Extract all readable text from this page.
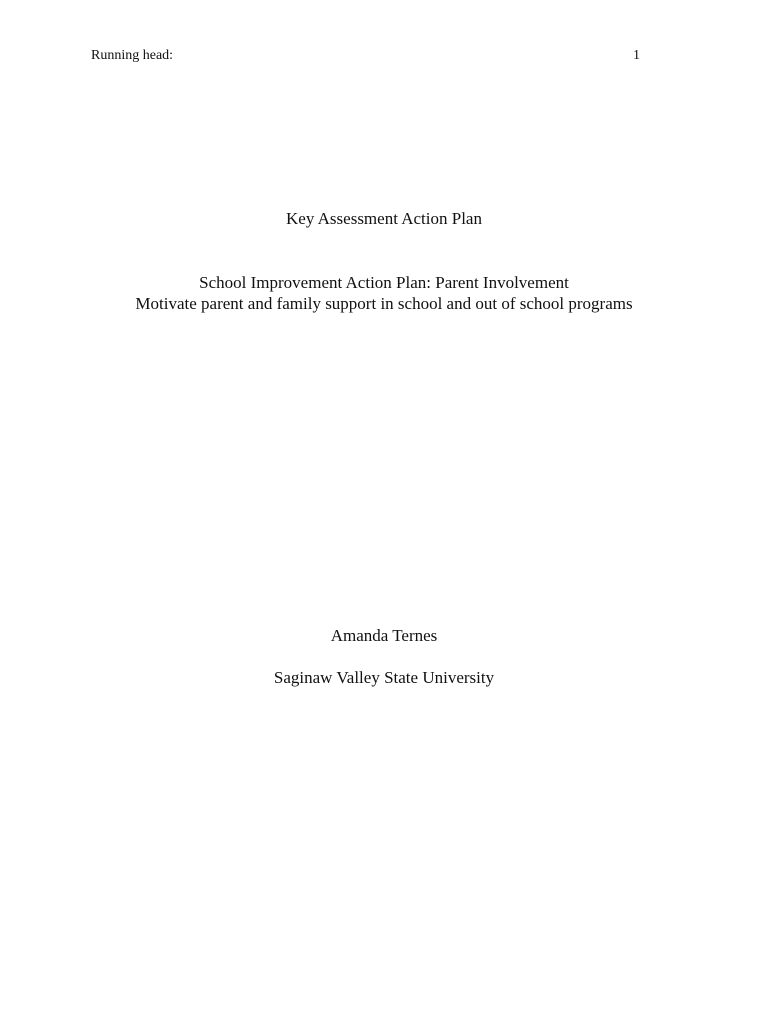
Running head:	1
Key Assessment Action Plan
School Improvement Action Plan: Parent Involvement
Motivate parent and family support in school and out of school programs
Amanda Ternes
Saginaw Valley State University
